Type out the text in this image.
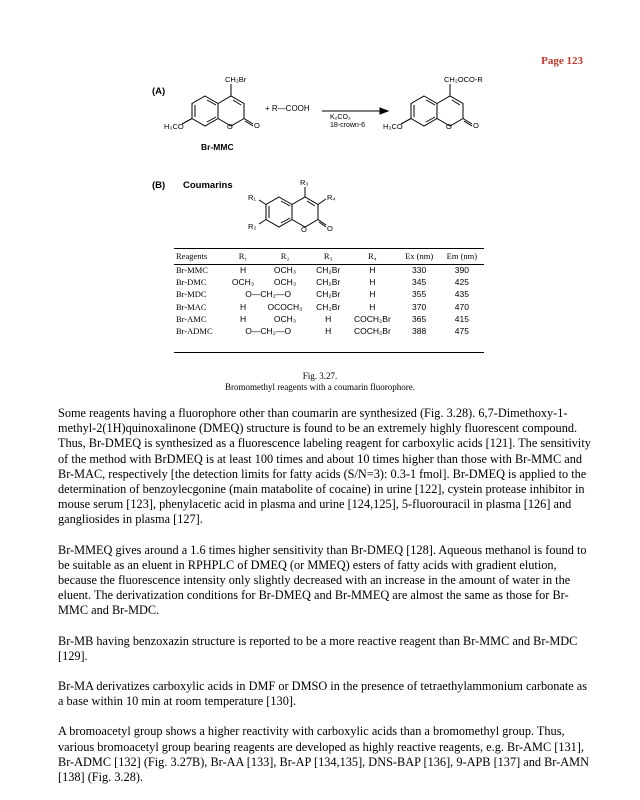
Page 123
(A)
CH₂Br
H₃CO	O	O
+ R—COOH
K₂CO₃
18-crown-6
CH₂OCO-R
H₃CO	O	O
Br-MMC
(B) Coumarins	R₃
R₁	R₄
R₂	O	O
Reagents	R₁	R₂	R₃	R₄	Ex (nm)	Em (nm)
Br-MMC	H	OCH₃	CH₂Br	H	330	390
Br-DMC	OCH₃	OCH₃	CH₂Br	H	345	425
Br-MDC	O—CH₂—O		CH₂Br	H	355	435
Br-MAC	H	OCOCH₃	CH₂Br	H	370	470
Br-AMC	H	OCH₃	H	COCH₂Br	365	415
Br-ADMC	O—CH₂—O		H	COCH₂Br	388	475
Fig. 3.27.
Bromomethyl reagents with a coumarin fluorophore.

Some reagents having a fluorophore other than coumarin are synthesized (Fig. 3.28). 6,7-Dimethoxy-1-methyl-2(1H)quinoxalinone (DMEQ) structure is found to be an extremely highly fluorescent compound. Thus, Br-DMEQ is synthesized as a fluorescence labeling reagent for carboxylic acids [121]. The sensitivity of the method with BrDMEQ is at least 100 times and about 10 times higher than those with Br-MMC and Br-MAC, respectively [the detection limits for fatty acids (S/N=3): 0.3-1 fmol]. Br-DMEQ is applied to the determination of benzoylecgonine (main matabolite of cocaine) in urine [122], cystein protease inhibitor in mouse serum [123], phenylacetic acid in plasma and urine [124,125], 5-fluorouracil in plasma [126] and gangliosides in plasma [127].

Br-MMEQ gives around a 1.6 times higher sensitivity than Br-DMEQ [128]. Aqueous methanol is found to be suitable as an eluent in RPHPLC of DMEQ (or MMEQ) esters of fatty acids with gradient elution, because the fluorescence intensity only slightly decreased with an increase in the amount of water in the eluent. The derivatization conditions for Br-DMEQ and Br-MMEQ are almost the same as those for Br-MMC and Br-MDC.

Br-MB having benzoxazin structure is reported to be a more reactive reagent than Br-MMC and Br-MDC [129].

Br-MA derivatizes carboxylic acids in DMF or DMSO in the presence of tetraethylammonium carbonate as a base within 10 min at room temperature [130].

A bromoacetyl group shows a higher reactivity with carboxylic acids than a bromomethyl group. Thus, various bromoacetyl group bearing reagents are developed as highly reactive reagents, e.g. Br-AMC [131], Br-ADMC [132] (Fig. 3.27B), Br-AA [133], Br-AP [134,135], DNS-BAP [136], 9-APB [137] and Br-AMN [138] (Fig. 3.28).
